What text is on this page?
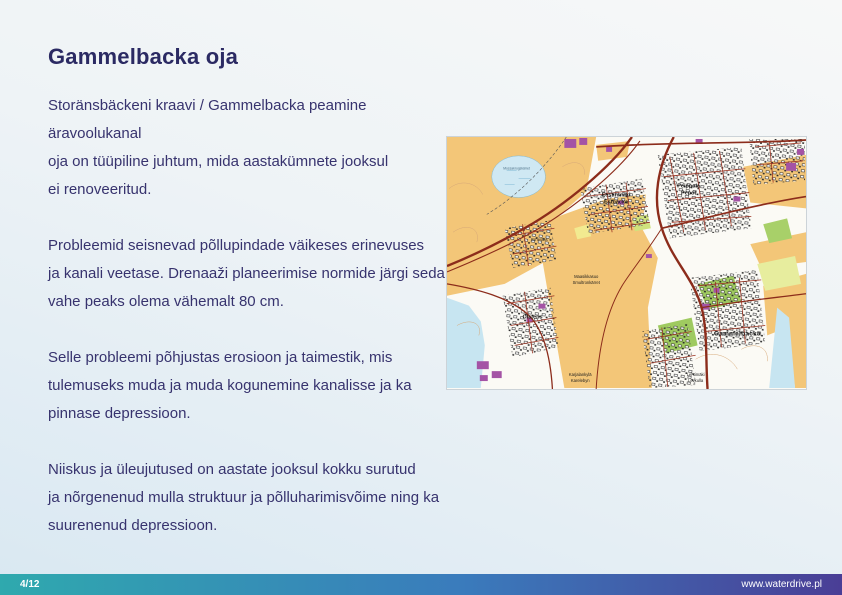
Gammelbacka oja
Storänsbäckeni kraavi / Gammelbacka peamine äravoolukanal
oja on tüüpiline juhtum, mida aastakümnete jooksul
ei renoveeritud.
Probleemid seisnevad põllupindade väikeses erinevuses
ja kanali veetase. Drenaaži planeerimise normide järgi seda
vahe peaks olema vähemalt 80 cm.
Selle probleemi põhjustas erosioon ja taimestik, mis
tulemuseks muda ja muda kogunemine kanalisse ja ka
pinnase depressioon.
Niiskus ja üleujutused on aastate jooksul kokku surutud
ja nõrgenenud mulla struktuur ja põlluharimisvõime ning ka
suurenenud depressioon.
Peippola
Pepot
Eestinmäki
Estbacka
Ernestas
Ölstens
Maasikkasuo
Smultronkärret
Gammelbacka
Karjalankylä
Karelebyn
Lehtimäki
Lövkulla
Mossakrogskärret
4/12	www.waterdrive.pl
